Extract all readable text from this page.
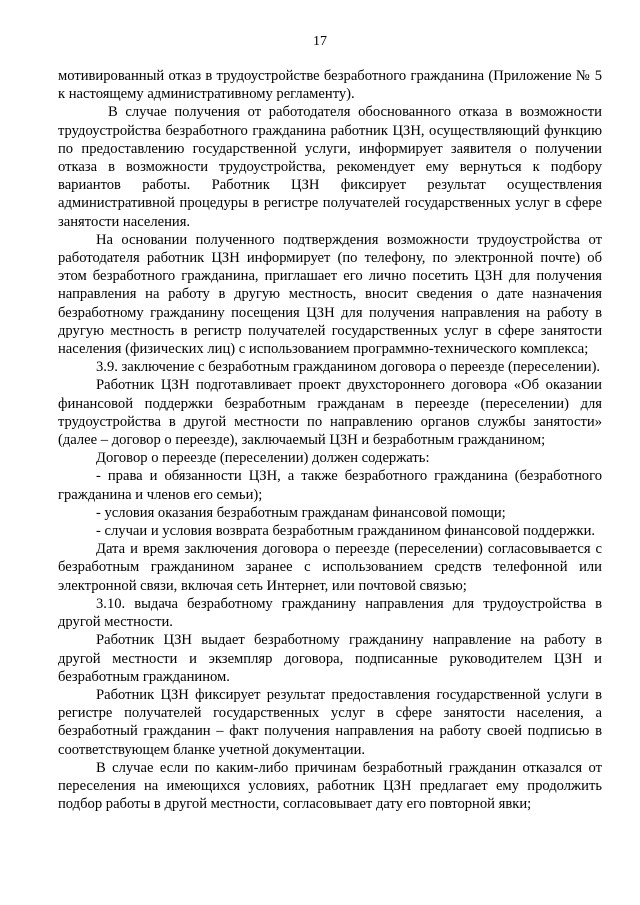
17

мотивированный отказ в трудоустройстве безработного гражданина (Приложение № 5 к настоящему административному регламенту).

В случае получения от работодателя обоснованного отказа в возможности трудоустройства безработного гражданина работник ЦЗН, осуществляющий функцию по предоставлению государственной услуги, информирует заявителя о получении отказа в возможности трудоустройства, рекомендует ему вернуться к подбору вариантов работы. Работник ЦЗН фиксирует результат осуществления административной процедуры в регистре получателей государственных услуг в сфере занятости населения.

На основании полученного подтверждения возможности трудоустройства от работодателя работник ЦЗН информирует (по телефону, по электронной почте) об этом безработного гражданина, приглашает его лично посетить ЦЗН для получения направления на работу в другую местность, вносит сведения о дате назначения безработному гражданину посещения ЦЗН для получения направления на работу в другую местность в регистр получателей государственных услуг в сфере занятости населения (физических лиц) с использованием программно-технического комплекса;

3.9. заключение с безработным гражданином договора о переезде (переселении).

Работник ЦЗН подготавливает проект двухстороннего договора «Об оказании финансовой поддержки безработным гражданам в переезде (переселении) для трудоустройства в другой местности по направлению органов службы занятости» (далее – договор о переезде), заключаемый ЦЗН и безработным гражданином;

Договор о переезде (переселении) должен содержать:

- права и обязанности ЦЗН, а также безработного гражданина (безработного гражданина и членов его семьи);

- условия оказания безработным гражданам финансовой помощи;

- случаи и условия возврата безработным гражданином финансовой поддержки.

Дата и время заключения договора о переезде (переселении) согласовывается с безработным гражданином заранее с использованием средств телефонной или электронной связи, включая сеть Интернет, или почтовой связью;

3.10. выдача безработному гражданину направления для трудоустройства в другой местности.

Работник ЦЗН выдает безработному гражданину направление на работу в другой местности и экземпляр договора, подписанные руководителем ЦЗН и безработным гражданином.

Работник ЦЗН фиксирует результат предоставления государственной услуги в регистре получателей государственных услуг в сфере занятости населения, а безработный гражданин – факт получения направления на работу своей подписью в соответствующем бланке учетной документации.

В случае если по каким-либо причинам безработный гражданин отказался от переселения на имеющихся условиях, работник ЦЗН предлагает ему продолжить подбор работы в другой местности, согласовывает дату его повторной явки;
